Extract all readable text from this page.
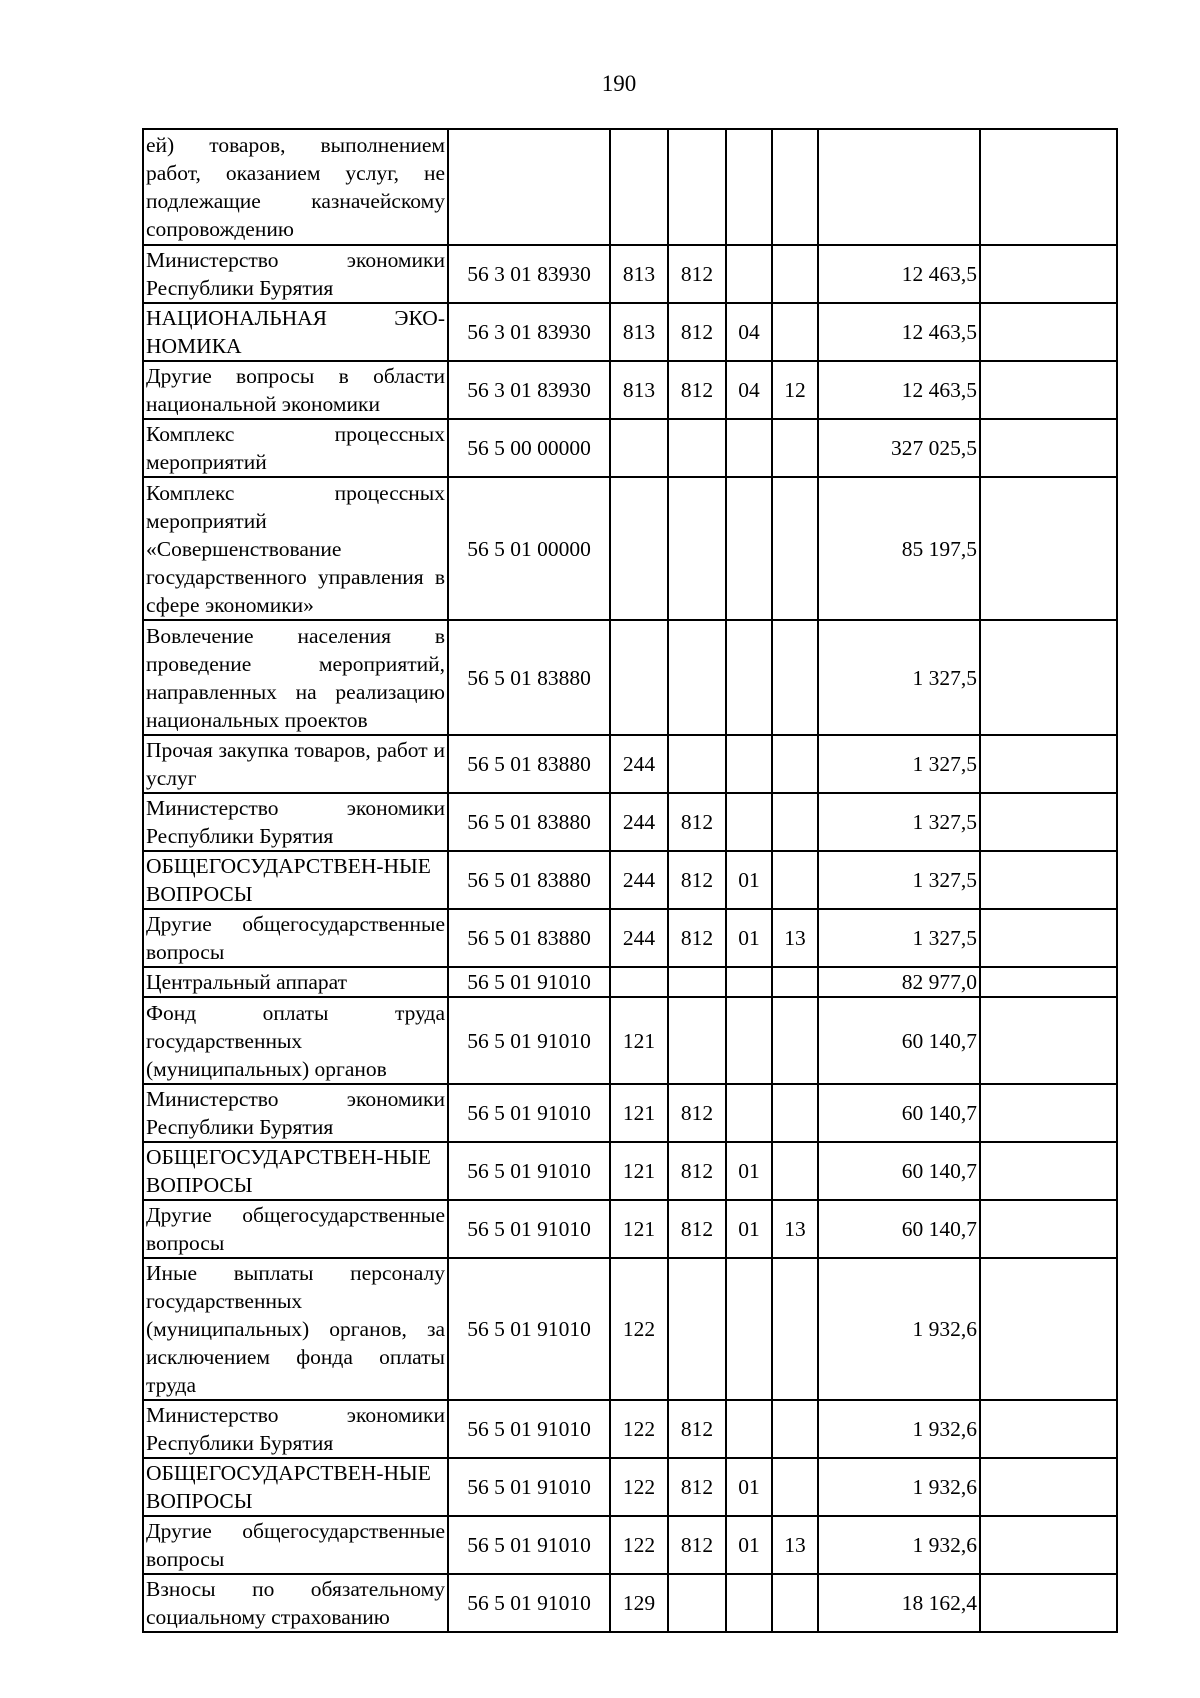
190
ей) товаров, выполнением работ, оказанием услуг, не подлежащие казначейскому сопровождению							
Министерство экономики Республики Бурятия	56 3 01 83930	813	812			12 463,5	
НАЦИОНАЛЬНАЯ ЭКО-НОМИКА	56 3 01 83930	813	812	04		12 463,5	
Другие вопросы в области национальной экономики	56 3 01 83930	813	812	04	12	12 463,5	
Комплекс процессных мероприятий	56 5 00 00000					327 025,5	
Комплекс процессных мероприятий «Совершенствование государственного управления в сфере экономики»	56 5 01 00000					85 197,5	
Вовлечение населения в проведение мероприятий, направленных на реализацию национальных проектов	56 5 01 83880					1 327,5	
Прочая закупка товаров, работ и услуг	56 5 01 83880	244				1 327,5	
Министерство экономики Республики Бурятия	56 5 01 83880	244	812			1 327,5	
ОБЩЕГОСУДАРСТВЕН-НЫЕ ВОПРОСЫ	56 5 01 83880	244	812	01		1 327,5	
Другие общегосударственные вопросы	56 5 01 83880	244	812	01	13	1 327,5	
Центральный аппарат	56 5 01 91010					82 977,0	
Фонд оплаты труда государственных (муниципальных) органов	56 5 01 91010	121				60 140,7	
Министерство экономики Республики Бурятия	56 5 01 91010	121	812			60 140,7	
ОБЩЕГОСУДАРСТВЕН-НЫЕ ВОПРОСЫ	56 5 01 91010	121	812	01		60 140,7	
Другие общегосударственные вопросы	56 5 01 91010	121	812	01	13	60 140,7	
Иные выплаты персоналу государственных (муниципальных) органов, за исключением фонда оплаты труда	56 5 01 91010	122				1 932,6	
Министерство экономики Республики Бурятия	56 5 01 91010	122	812			1 932,6	
ОБЩЕГОСУДАРСТВЕН-НЫЕ ВОПРОСЫ	56 5 01 91010	122	812	01		1 932,6	
Другие общегосударственные вопросы	56 5 01 91010	122	812	01	13	1 932,6	
Взносы по обязательному социальному страхованию	56 5 01 91010	129				18 162,4	
